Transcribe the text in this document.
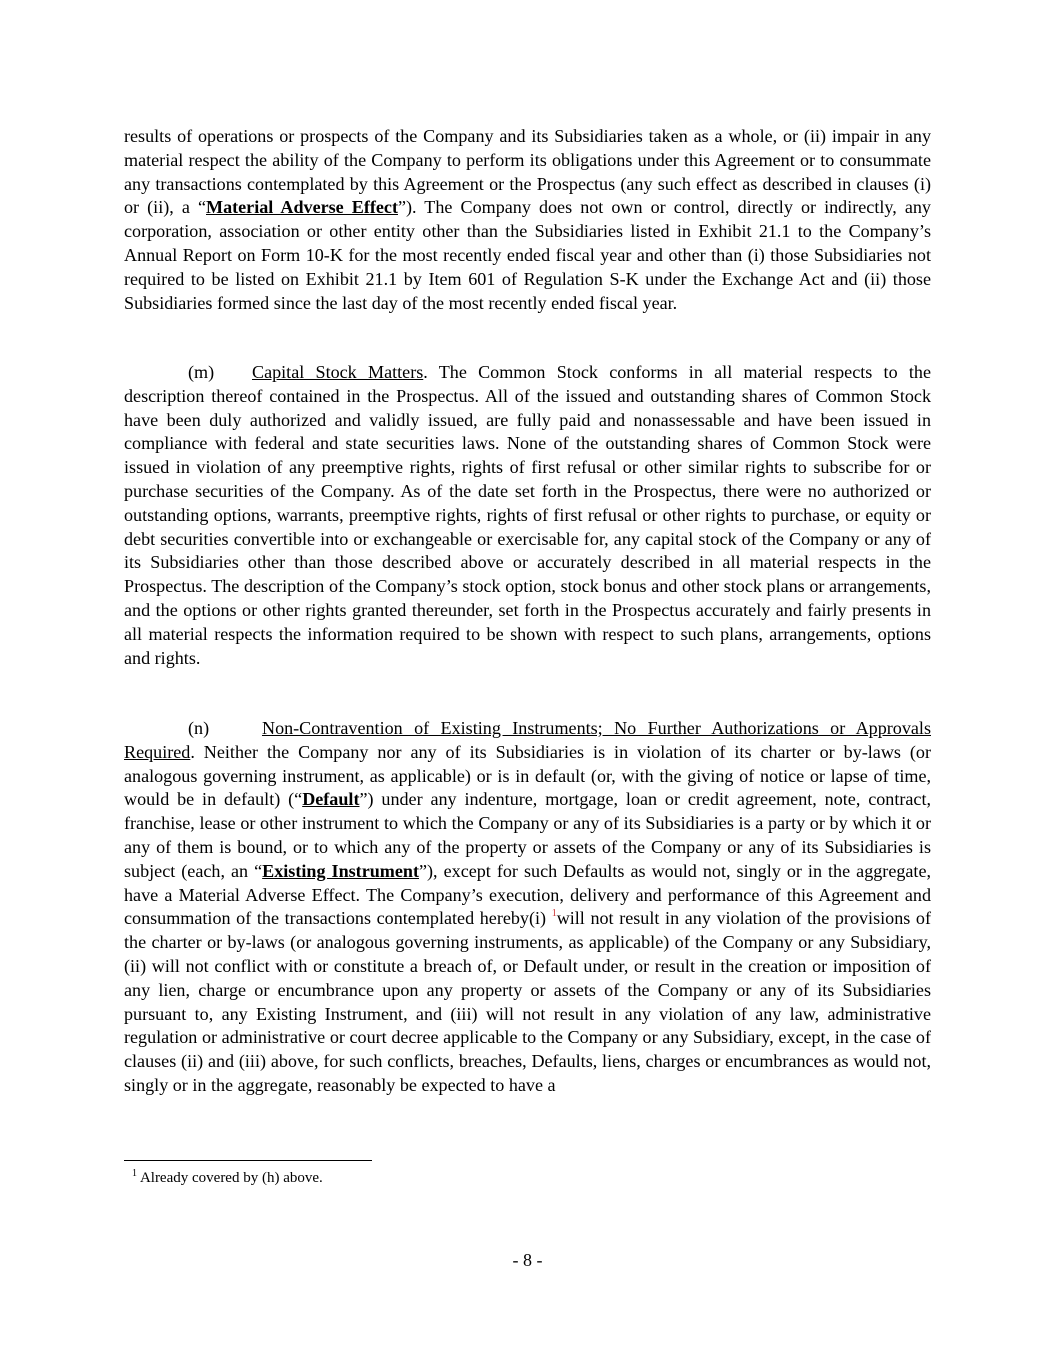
results of operations or prospects of the Company and its Subsidiaries taken as a whole, or (ii) impair in any material respect the ability of the Company to perform its obligations under this Agreement or to consummate any transactions contemplated by this Agreement or the Prospectus (any such effect as described in clauses (i) or (ii), a “Material Adverse Effect”). The Company does not own or control, directly or indirectly, any corporation, association or other entity other than the Subsidiaries listed in Exhibit 21.1 to the Company’s Annual Report on Form 10-K for the most recently ended fiscal year and other than (i) those Subsidiaries not required to be listed on Exhibit 21.1 by Item 601 of Regulation S-K under the Exchange Act and (ii) those Subsidiaries formed since the last day of the most recently ended fiscal year.

(m) Capital Stock Matters. The Common Stock conforms in all material respects to the description thereof contained in the Prospectus. All of the issued and outstanding shares of Common Stock have been duly authorized and validly issued, are fully paid and nonassessable and have been issued in compliance with federal and state securities laws. None of the outstanding shares of Common Stock were issued in violation of any preemptive rights, rights of first refusal or other similar rights to subscribe for or purchase securities of the Company. As of the date set forth in the Prospectus, there were no authorized or outstanding options, warrants, preemptive rights, rights of first refusal or other rights to purchase, or equity or debt securities convertible into or exchangeable or exercisable for, any capital stock of the Company or any of its Subsidiaries other than those described above or accurately described in all material respects in the Prospectus. The description of the Company’s stock option, stock bonus and other stock plans or arrangements, and the options or other rights granted thereunder, set forth in the Prospectus accurately and fairly presents in all material respects the information required to be shown with respect to such plans, arrangements, options and rights.

(n)	Non-Contravention of Existing Instruments; No Further Authorizations or Approvals Required. Neither the Company nor any of its Subsidiaries is in violation of its charter or by-laws (or analogous governing instrument, as applicable) or is in default (or, with the giving of notice or lapse of time, would be in default) (“Default”) under any indenture, mortgage, loan or credit agreement, note, contract, franchise, lease or other instrument to which the Company or any of its Subsidiaries is a party or by which it or any of them is bound, or to which any of the property or assets of the Company or any of its Subsidiaries is subject (each, an “Existing Instrument”), except for such Defaults as would not, singly or in the aggregate, have a Material Adverse Effect. The Company’s execution, delivery and performance of this Agreement and consummation of the transactions contemplated hereby(i) $^1$will not result in any violation of the provisions of the charter or by-laws (or analogous governing instruments, as applicable) of the Company or any Subsidiary, (ii) will not conflict with or constitute a breach of, or Default under, or result in the creation or imposition of any lien, charge or encumbrance upon any property or assets of the Company or any of its Subsidiaries pursuant to, any Existing Instrument, and (iii) will not result in any violation of any law, administrative regulation or administrative or court decree applicable to the Company or any Subsidiary, except, in the case of clauses (ii) and (iii) above, for such conflicts, breaches, Defaults, liens, charges or encumbrances as would not, singly or in the aggregate, reasonably be expected to have a

$^1$ Already covered by (h) above.
- 8 -
